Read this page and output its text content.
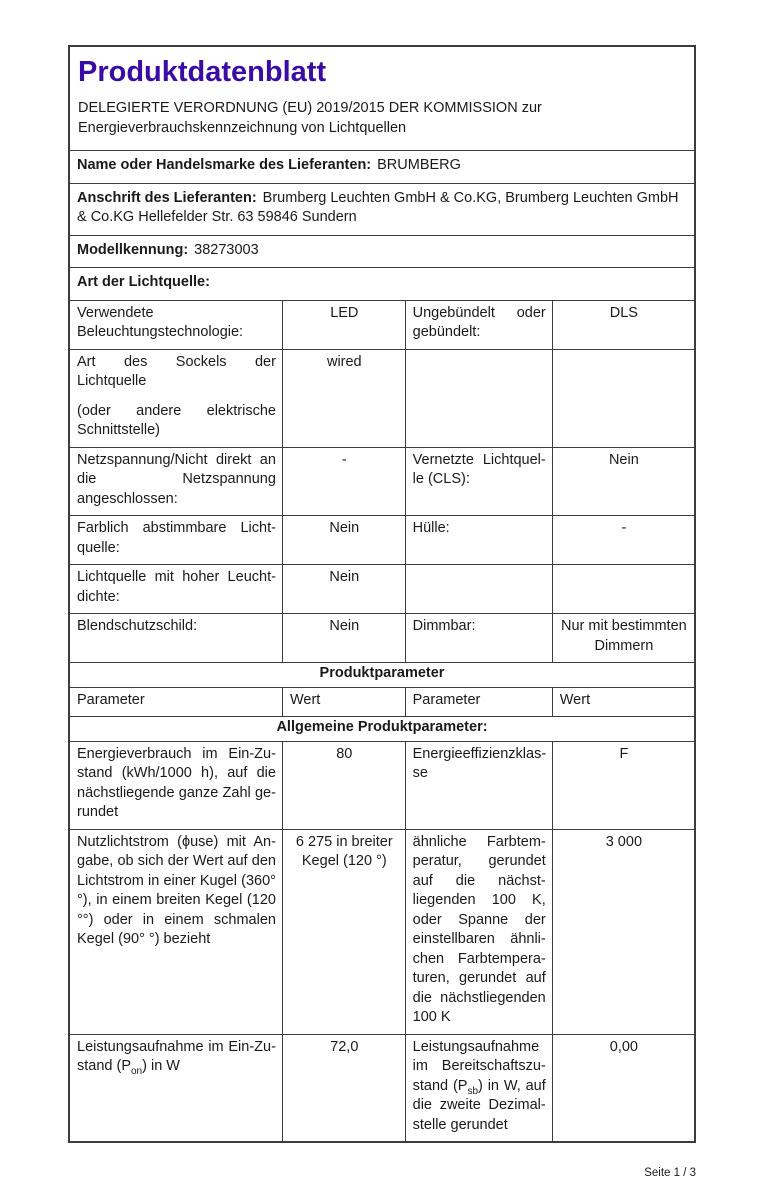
Produktdatenblatt

DELEGIERTE VERORDNUNG (EU) 2019/2015 DER KOMMISSION zur Energieverbrauchskennzeichnung von Lichtquellen

Name oder Handelsmarke des Lieferanten: BRUMBERG			
Anschrift des Lieferanten: Brumberg Leuchten GmbH & Co.KG, Brumberg Leuchten GmbH & Co.KG Hellefelder Str. 63 59846 Sundern			
Modellkennung: 38273003			
Art der Lichtquelle:			
Verwendete Beleuchtungstechnologie:	LED	Ungebündelt oder gebündelt:	DLS

Art des Sockels der Lichtquelle
(oder andere elektrische Schnittstelle)	wired		
Netzspannung/Nicht direkt an die Netzspannung angeschlossen:	-	Vernetzte Lichtquelle (CLS):	Nein
Farblich abstimmbare Lichtquelle:	Nein	Hülle:	-
Lichtquelle mit hoher Leuchtdichte:	Nein		
Blendschutzschild:	Nein	Dimmbar:	Nur mit bestimmten Dimmern
Produktparameter			
Parameter	Wert	Parameter	Wert
Allgemeine Produktparameter:			
Energieverbrauch im Ein-Zustand (kWh/1000 h), auf die nächstliegende ganze Zahl gerundet	80	Energieeffizienzklasse	F
Nutzlichtstrom (ϕuse) mit Angabe, ob sich der Wert auf den Lichtstrom in einer Kugel (360° °), in einem breiten Kegel (120 °°) oder in einem schmalen Kegel (90° °) bezieht	6 275 in breiter Kegel (120 °)	ähnliche Farbtemperatur, gerundet auf die nächstliegenden 100 K, oder Spanne der einstellbaren ähnlichen Farbtemperaturen, gerundet auf die nächstliegenden 100 K	3 000
Leistungsaufnahme im Ein-Zustand $(P_{on})$ in W	72,0	Leistungsaufnahme im Bereitschaftszustand $(P_{sb})$ in W, auf die zweite Dezimalstelle gerundet	0,00
Seite 1 / 3
